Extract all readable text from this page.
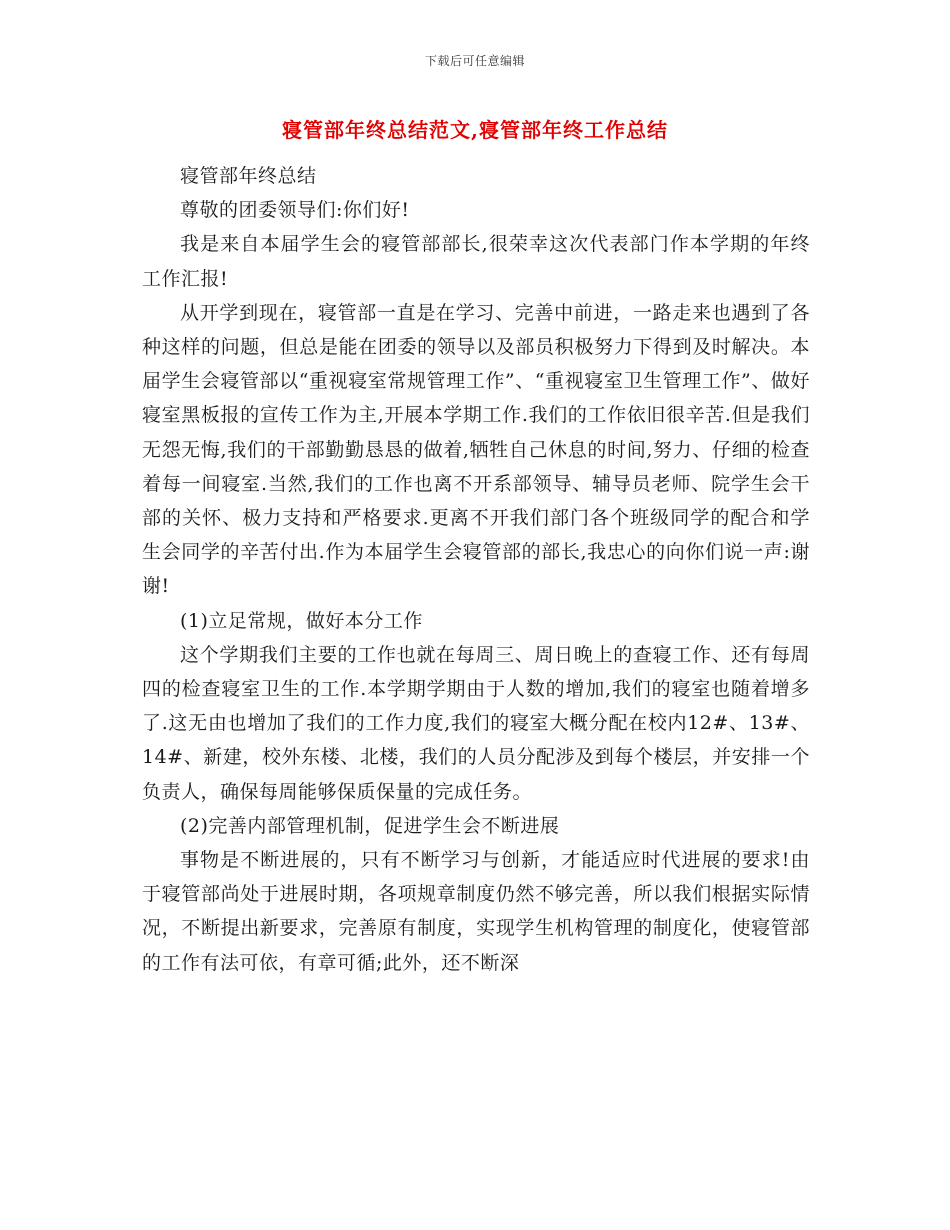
下载后可任意编辑
寝管部年终总结范文,寝管部年终工作总结

寝管部年终总结

尊敬的团委领导们:你们好!

我是来自本届学生会的寝管部部长,很荣幸这次代表部门作本学期的年终工作汇报!

从开学到现在，寝管部一直是在学习、完善中前进，一路走来也遇到了各种这样的问题，但总是能在团委的领导以及部员积极努力下得到及时解决。本届学生会寝管部以“重视寝室常规管理工作”、“重视寝室卫生管理工作”、做好寝室黑板报的宣传工作为主,开展本学期工作.我们的工作依旧很辛苦.但是我们无怨无悔,我们的干部勤勤恳恳的做着,牺牲自己休息的时间,努力、仔细的检查着每一间寝室.当然,我们的工作也离不开系部领导、辅导员老师、院学生会干部的关怀、极力支持和严格要求.更离不开我们部门各个班级同学的配合和学生会同学的辛苦付出.作为本届学生会寝管部的部长,我忠心的向你们说一声:谢谢!

(1)立足常规，做好本分工作

这个学期我们主要的工作也就在每周三、周日晚上的查寝工作、还有每周四的检查寝室卫生的工作.本学期学期由于人数的增加,我们的寝室也随着增多了.这无由也增加了我们的工作力度,我们的寝室大概分配在校内12#、13#、14#、新建，校外东楼、北楼，我们的人员分配涉及到每个楼层，并安排一个负责人，确保每周能够保质保量的完成任务。

(2)完善内部管理机制，促进学生会不断进展

事物是不断进展的，只有不断学习与创新，才能适应时代进展的要求!由于寝管部尚处于进展时期，各项规章制度仍然不够完善，所以我们根据实际情况，不断提出新要求，完善原有制度，实现学生机构管理的制度化，使寝管部的工作有法可依，有章可循;此外，还不断深
